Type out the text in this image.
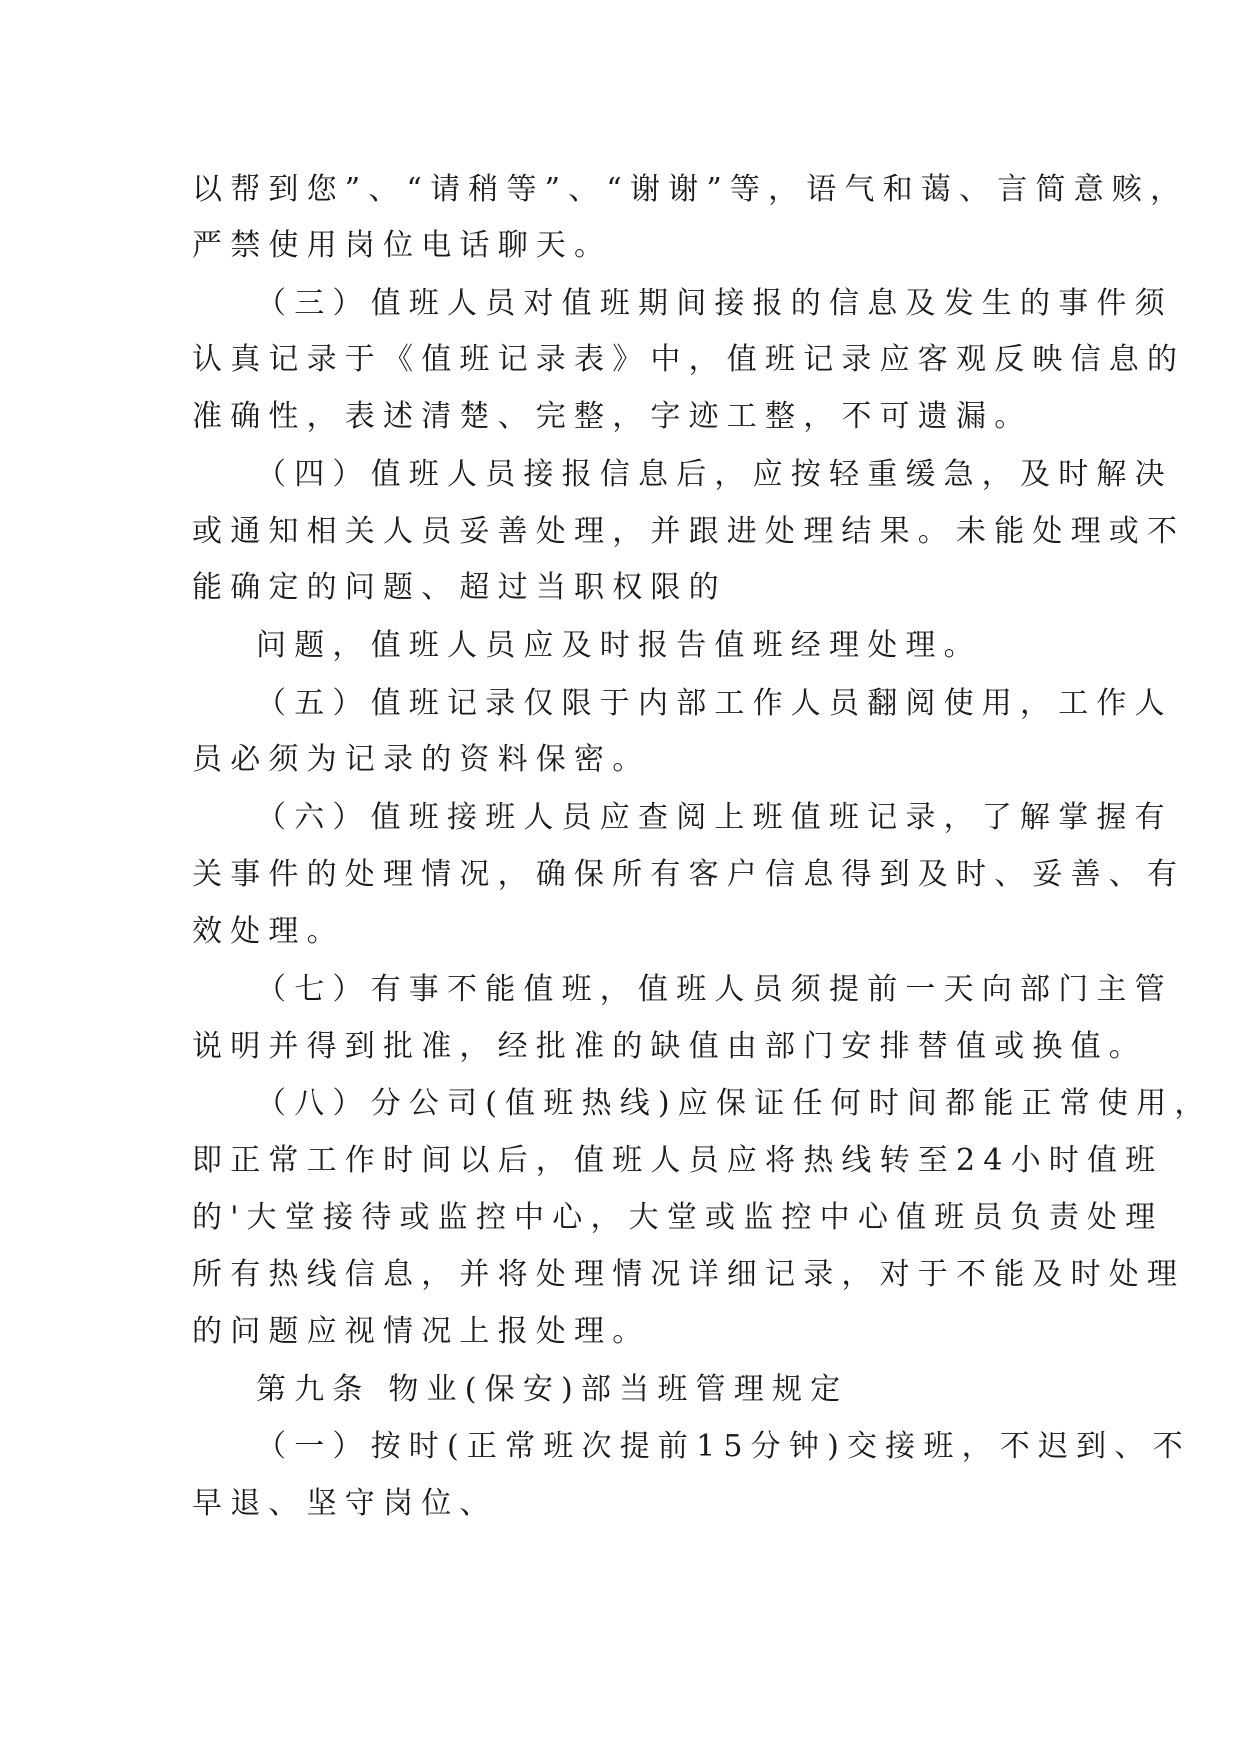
以帮到您”、“请稍等”、“谢谢”等，语气和蔼、言简意赅，
严禁使用岗位电话聊天。
（三）值班人员对值班期间接报的信息及发生的事件须
认真记录于《值班记录表》中，值班记录应客观反映信息的
准确性，表述清楚、完整，字迹工整，不可遗漏。
（四）值班人员接报信息后，应按轻重缓急，及时解决
或通知相关人员妥善处理，并跟进处理结果。未能处理或不
能确定的问题、超过当职权限的
问题，值班人员应及时报告值班经理处理。
（五）值班记录仅限于内部工作人员翻阅使用，工作人
员必须为记录的资料保密。
（六）值班接班人员应查阅上班值班记录，了解掌握有
关事件的处理情况，确保所有客户信息得到及时、妥善、有
效处理。
（七）有事不能值班，值班人员须提前一天向部门主管
说明并得到批准，经批准的缺值由部门安排替值或换值。
（八）分公司(值班热线)应保证任何时间都能正常使用，
即正常工作时间以后，值班人员应将热线转至24小时值班
的'大堂接待或监控中心，大堂或监控中心值班员负责处理
所有热线信息，并将处理情况详细记录，对于不能及时处理
的问题应视情况上报处理。
第九条 物业(保安)部当班管理规定
（一）按时(正常班次提前15分钟)交接班，不迟到、不
早退、坚守岗位、
